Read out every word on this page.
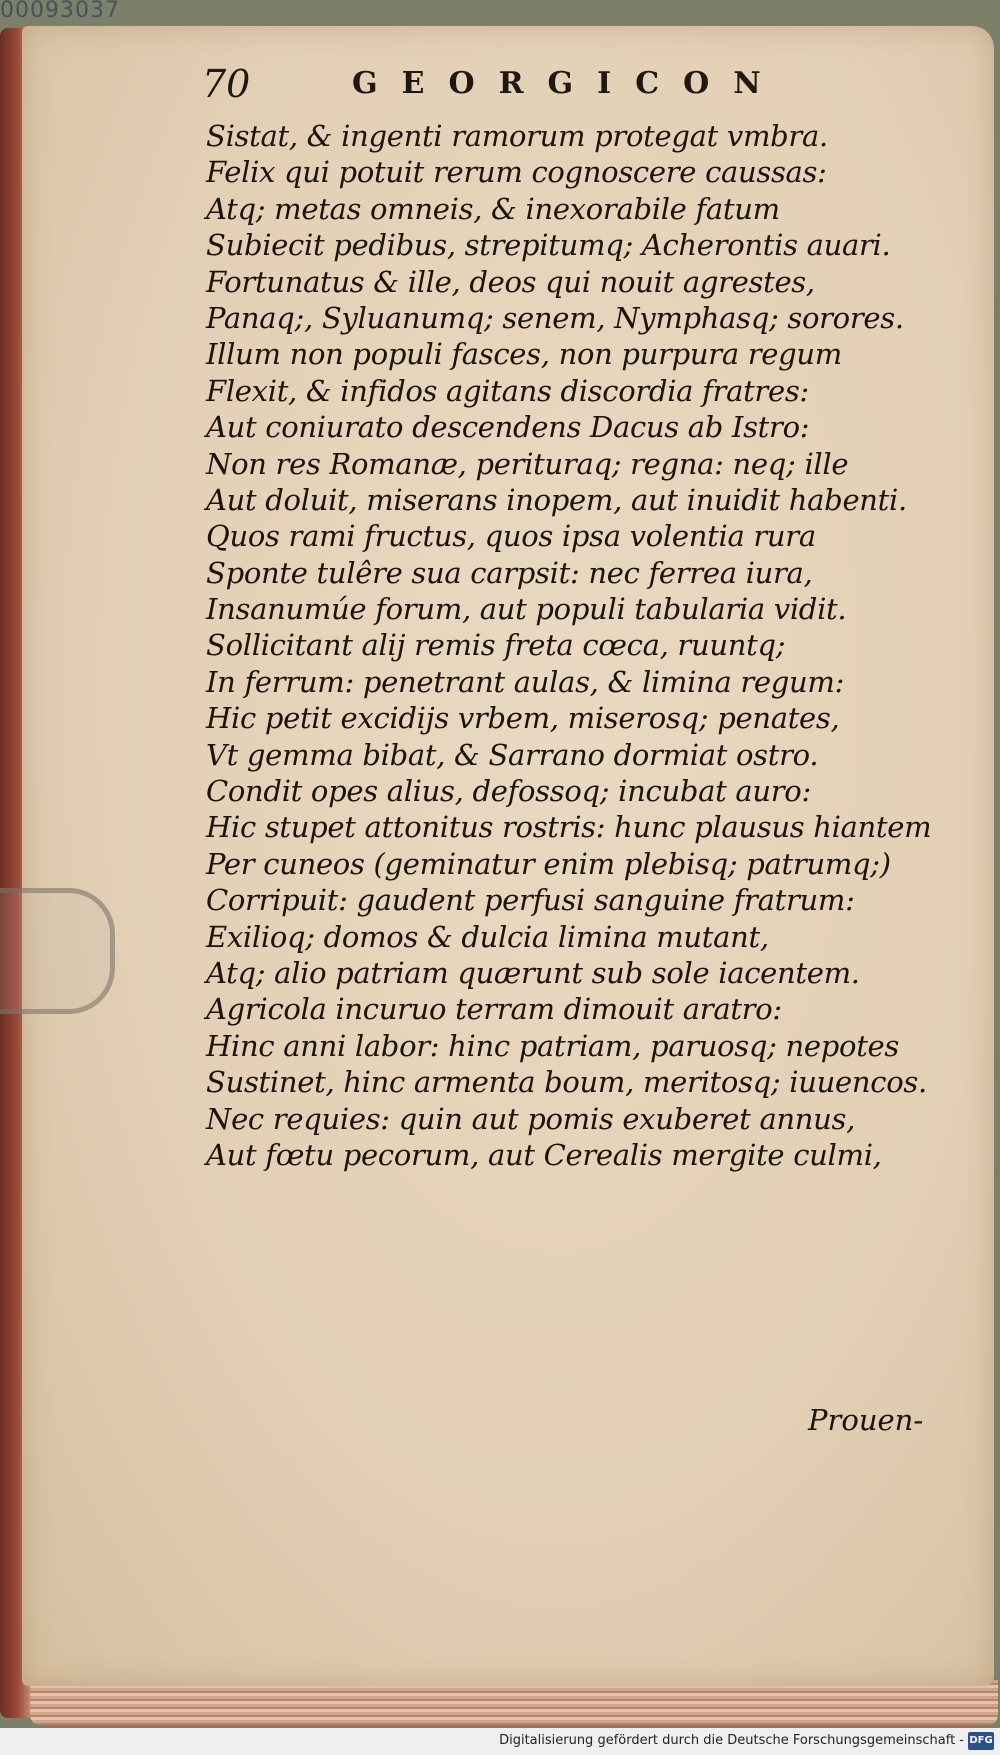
00093037
70	GEORGICON
Sistat, & ingenti ramorum protegat vmbra.
Felix qui potuit rerum cognoscere caussas:
Atq; metas omneis, & inexorabile fatum
Subiecit pedibus, strepitumq; Acherontis auari.
Fortunatus & ille, deos qui nouit agrestes,
Panaq;, Syluanumq; senem, Nymphasq; sorores.
Illum non populi fasces, non purpura regum
Flexit, & infidos agitans discordia fratres:
Aut coniurato descendens Dacus ab Istro:
Non res Romanæ, perituraq; regna: neq; ille
Aut doluit, miserans inopem, aut inuidit habenti.
Quos rami fructus, quos ipsa volentia rura
Sponte tulêre sua carpsit: nec ferrea iura,
Insanumúe forum, aut populi tabularia vidit.
Sollicitant alij remis freta cœca, ruuntq;
In ferrum: penetrant aulas, & limina regum:
Hic petit excidijs vrbem, miserosq; penates,
Vt gemma bibat, & Sarrano dormiat ostro.
Condit opes alius, defossoq; incubat auro:
Hic stupet attonitus rostris: hunc plausus hiantem
Per cuneos (geminatur enim plebisq; patrumq;)
Corripuit: gaudent perfusi sanguine fratrum:
Exilioq; domos & dulcia limina mutant,
Atq; alio patriam quærunt sub sole iacentem.
Agricola incuruo terram dimouit aratro:
Hinc anni labor: hinc patriam, paruosq; nepotes
Sustinet, hinc armenta boum, meritosq; iuuencos.
Nec requies: quin aut pomis exuberet annus,
Aut fœtu pecorum, aut Cerealis mergite culmi,
Prouen-
Digitalisierung gefördert durch die Deutsche Forschungsgemeinschaft - DFG
